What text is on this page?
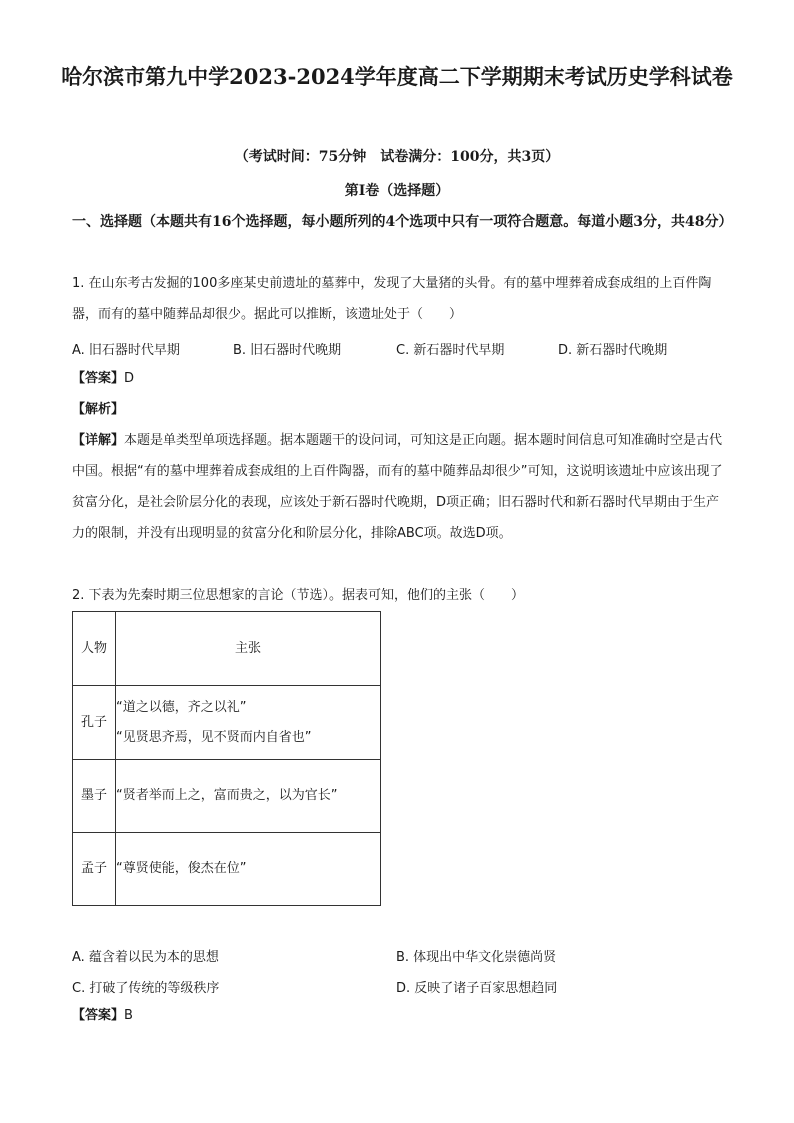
哈尔滨市第九中学2023-2024学年度高二下学期期末考试历史学科试卷
（考试时间：75分钟　试卷满分：100分，共3页）
第Ⅰ卷（选择题）
一、选择题（本题共有16个选择题，每小题所列的4个选项中只有一项符合题意。每道小题3分，共48分）
1. 在山东考古发掘的100多座某史前遗址的墓葬中，发现了大量猪的头骨。有的墓中埋葬着成套成组的上百件陶器，而有的墓中随葬品却很少。据此可以推断，该遗址处于（　　）
A. 旧石器时代早期	B. 旧石器时代晚期	C. 新石器时代早期	D. 新石器时代晚期
【答案】D
【解析】
【详解】本题是单类型单项选择题。据本题题干的设问词，可知这是正向题。据本题时间信息可知准确时空是古代中国。根据“有的墓中埋葬着成套成组的上百件陶器，而有的墓中随葬品却很少”可知，这说明该遗址中应该出现了贫富分化，是社会阶层分化的表现，应该处于新石器时代晚期，D项正确；旧石器时代和新石器时代早期由于生产力的限制，并没有出现明显的贫富分化和阶层分化，排除ABC项。故选D项。
2. 下表为先秦时期三位思想家的言论（节选）。据表可知，他们的主张（　　）
人物	主张
孔子	“道之以德，齐之以礼”
“见贤思齐焉，见不贤而内自省也”

墨子	“贤者举而上之，富而贵之，以为官长”

孟子	“尊贤使能，俊杰在位”
A. 蕴含着以民为本的思想	B. 体现出中华文化崇德尚贤
C. 打破了传统的等级秩序	D. 反映了诸子百家思想趋同
【答案】B
